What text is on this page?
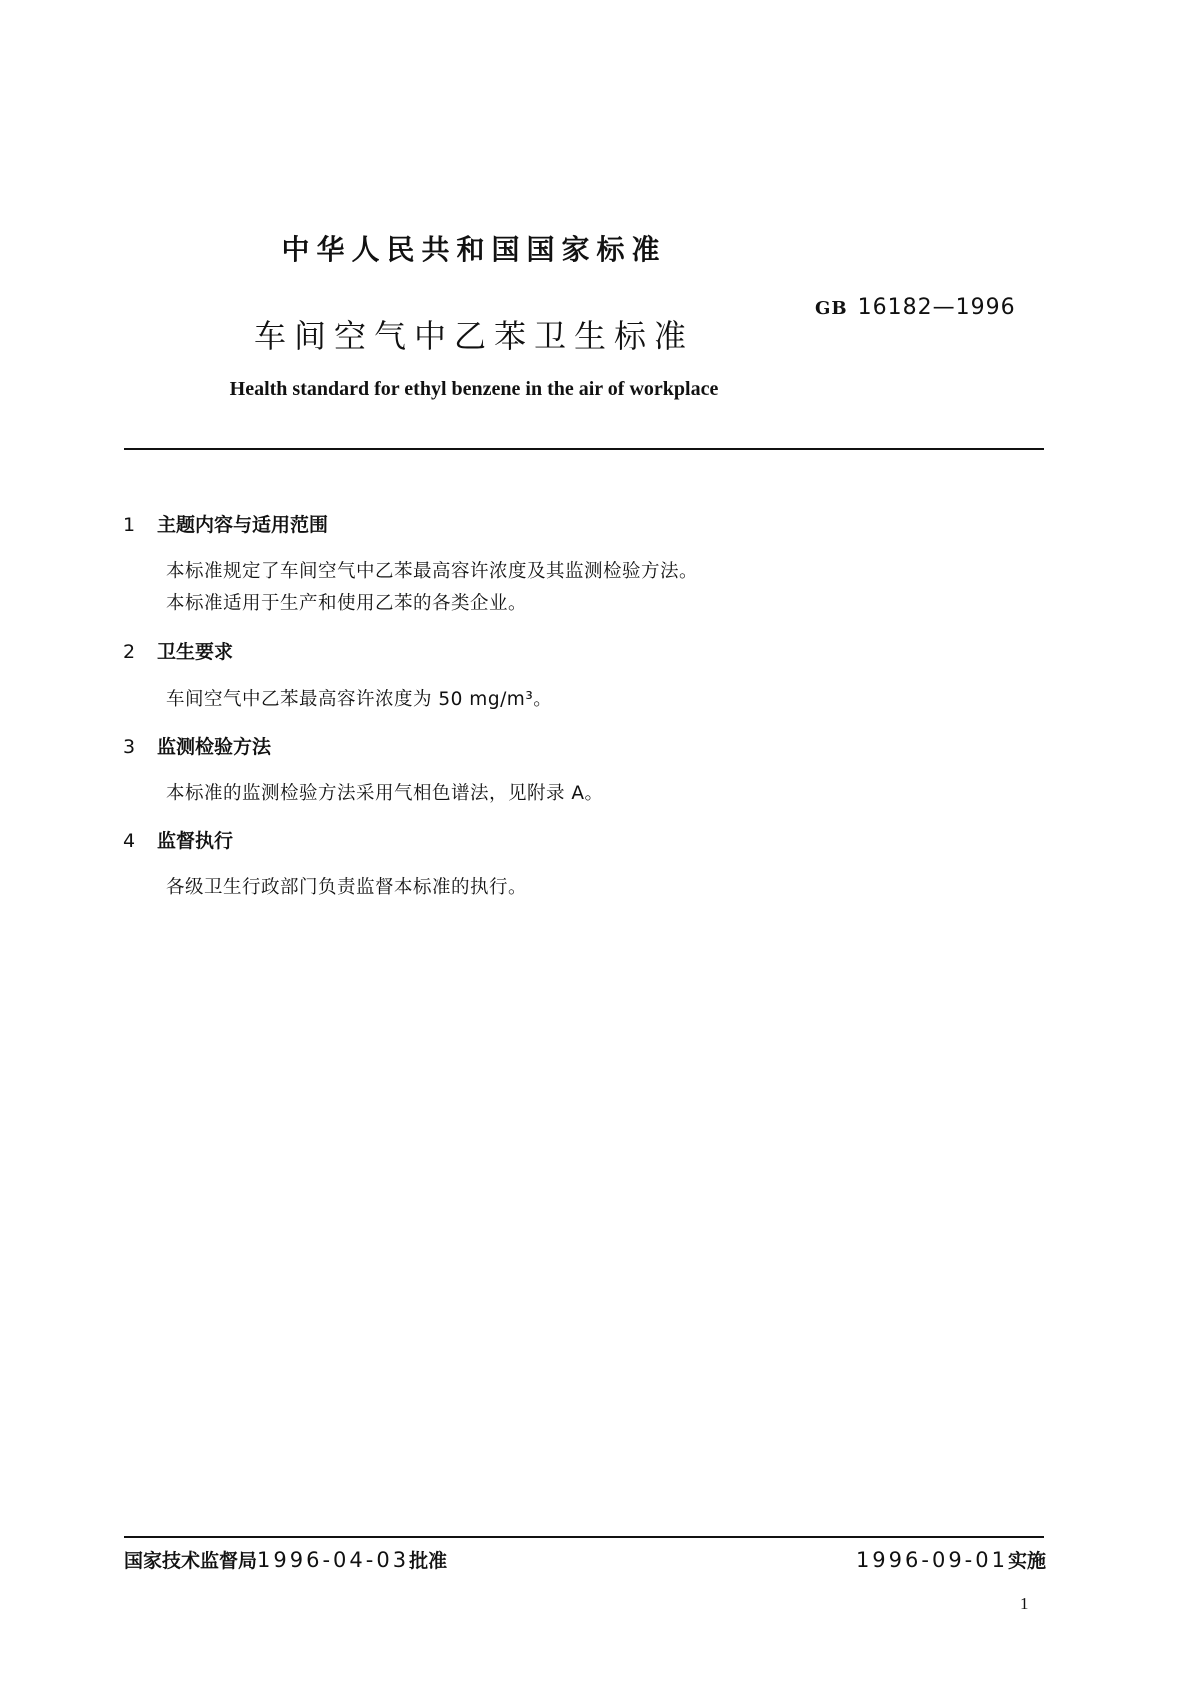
中华人民共和国国家标准
GB 16182—1996
车间空气中乙苯卫生标准
Health standard for ethyl benzene in the air of workplace
1 主题内容与适用范围
本标准规定了车间空气中乙苯最高容许浓度及其监测检验方法。
本标准适用于生产和使用乙苯的各类企业。
2 卫生要求
车间空气中乙苯最高容许浓度为 50 mg/m³。
3 监测检验方法
本标准的监测检验方法采用气相色谱法，见附录 A。
4 监督执行
各级卫生行政部门负责监督本标准的执行。
国家技术监督局1996-04-03批准	1996-09-01实施
1
